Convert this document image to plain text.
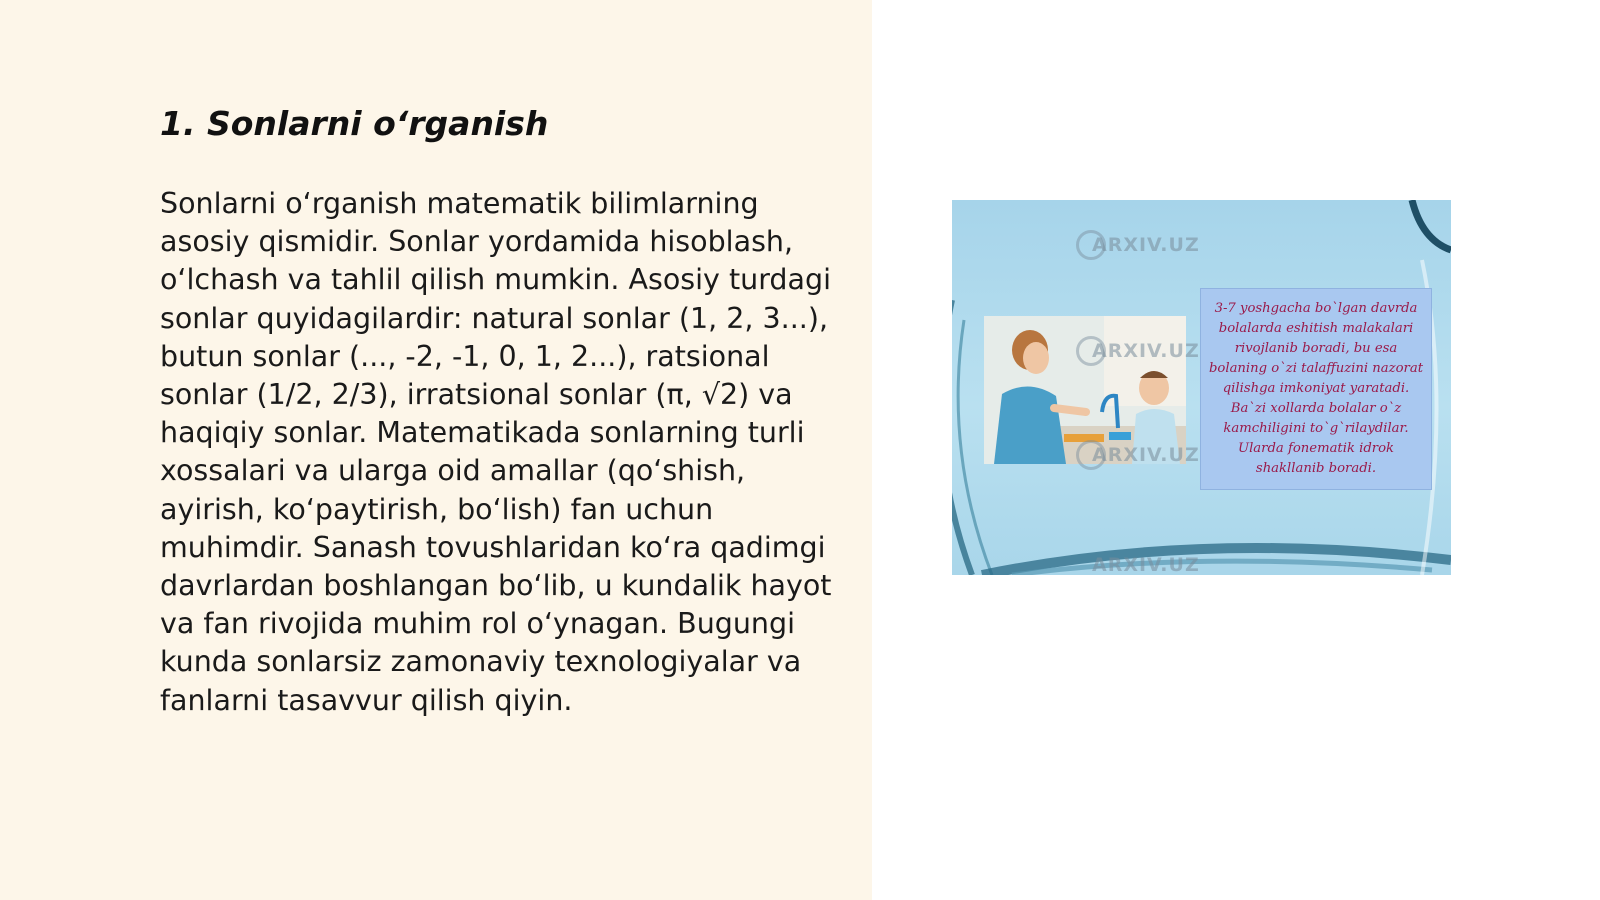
1. Sonlarni o‘rganish

Sonlarni o‘rganish matematik bilimlarning asosiy qismidir. Sonlar yordamida hisoblash, o‘lchash va tahlil qilish mumkin. Asosiy turdagi sonlar quyidagilardir: natural sonlar (1, 2, 3...), butun sonlar (..., -2, -1, 0, 1, 2...), ratsional sonlar (1/2, 2/3), irratsional sonlar (π, √2) va haqiqiy sonlar. Matematikada sonlarning turli xossalari va ularga oid amallar (qo‘shish, ayirish, ko‘paytirish, bo‘lish) fan uchun muhimdir. Sanash tovushlaridan ko‘ra qadimgi davrlardan boshlangan bo‘lib, u kundalik hayot va fan rivojida muhim rol o‘ynagan. Bugungi kunda sonlarsiz zamonaviy texnologiyalar va fanlarni tasavvur qilish qiyin.

ARXIV.UZ
ARXIV.UZ
ARXIV.UZ
ARXIV.UZ
3-7 yoshgacha bo`lgan davrda bolalarda eshitish malakalari rivojlanib boradi, bu esa bolaning o`zi talaffuzini nazorat qilishga imkoniyat yaratadi. Ba`zi xollarda bolalar o`z kamchiligini to`g`rilaydilar. Ularda fonematik idrok shakllanib boradi.
